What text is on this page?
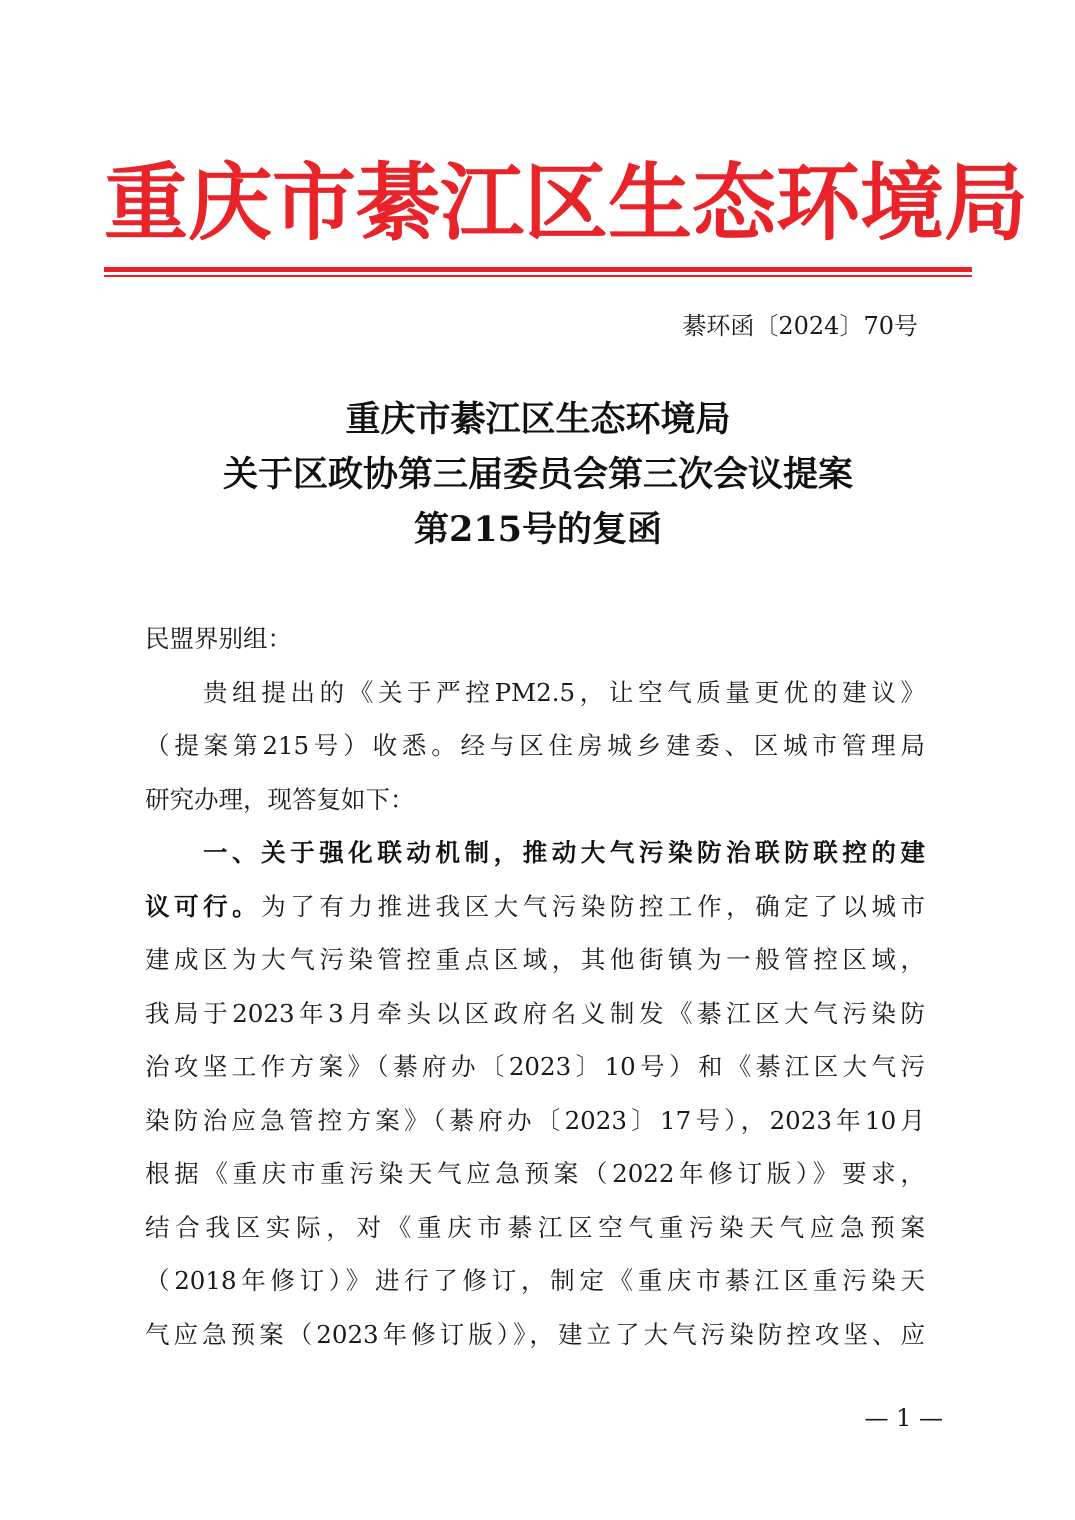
重庆市綦江区生态环境局
綦环函〔2024〕70号
重庆市綦江区生态环境局
关于区政协第三届委员会第三次会议提案
第215号的复函
民盟界别组：
贵组提出的《关于严控PM2.5，让空气质量更优的建议》
（提案第215号）收悉。经与区住房城乡建委、区城市管理局
研究办理，现答复如下：
一、关于强化联动机制，推动大气污染防治联防联控的建
议可行。为了有力推进我区大气污染防控工作，确定了以城市
建成区为大气污染管控重点区域，其他街镇为一般管控区域，
我局于2023年3月牵头以区政府名义制发《綦江区大气污染防
治攻坚工作方案》（綦府办〔2023〕10号）和《綦江区大气污
染防治应急管控方案》（綦府办〔2023〕17号），2023年10月
根据《重庆市重污染天气应急预案（2022年修订版）》要求，
结合我区实际，对《重庆市綦江区空气重污染天气应急预案
（2018年修订）》进行了修订，制定《重庆市綦江区重污染天
气应急预案（2023年修订版）》，建立了大气污染防控攻坚、应
— 1 —
